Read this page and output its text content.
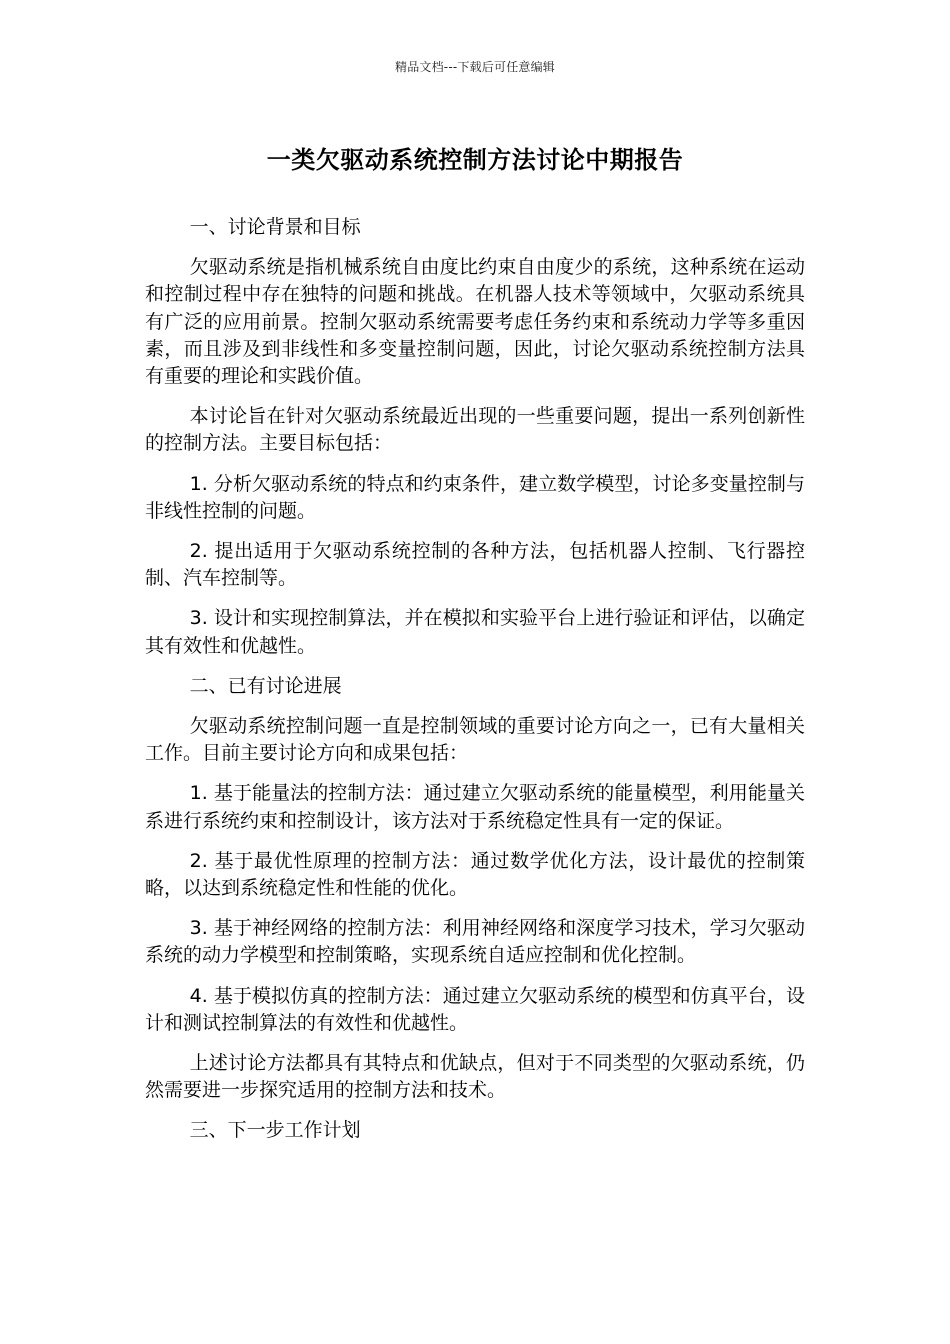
精品文档---下载后可任意编辑
一类欠驱动系统控制方法讨论中期报告

一、讨论背景和目标

欠驱动系统是指机械系统自由度比约束自由度少的系统，这种系统在运动和控制过程中存在独特的问题和挑战。在机器人技术等领域中，欠驱动系统具有广泛的应用前景。控制欠驱动系统需要考虑任务约束和系统动力学等多重因素，而且涉及到非线性和多变量控制问题，因此，讨论欠驱动系统控制方法具有重要的理论和实践价值。

本讨论旨在针对欠驱动系统最近出现的一些重要问题，提出一系列创新性的控制方法。主要目标包括：

1. 分析欠驱动系统的特点和约束条件，建立数学模型，讨论多变量控制与非线性控制的问题。

2. 提出适用于欠驱动系统控制的各种方法，包括机器人控制、飞行器控制、汽车控制等。

3. 设计和实现控制算法，并在模拟和实验平台上进行验证和评估，以确定其有效性和优越性。

二、已有讨论进展

欠驱动系统控制问题一直是控制领域的重要讨论方向之一，已有大量相关工作。目前主要讨论方向和成果包括：

1. 基于能量法的控制方法：通过建立欠驱动系统的能量模型，利用能量关系进行系统约束和控制设计，该方法对于系统稳定性具有一定的保证。

2. 基于最优性原理的控制方法：通过数学优化方法，设计最优的控制策略，以达到系统稳定性和性能的优化。

3. 基于神经网络的控制方法：利用神经网络和深度学习技术，学习欠驱动系统的动力学模型和控制策略，实现系统自适应控制和优化控制。

4. 基于模拟仿真的控制方法：通过建立欠驱动系统的模型和仿真平台，设计和测试控制算法的有效性和优越性。

上述讨论方法都具有其特点和优缺点，但对于不同类型的欠驱动系统，仍然需要进一步探究适用的控制方法和技术。

三、下一步工作计划
